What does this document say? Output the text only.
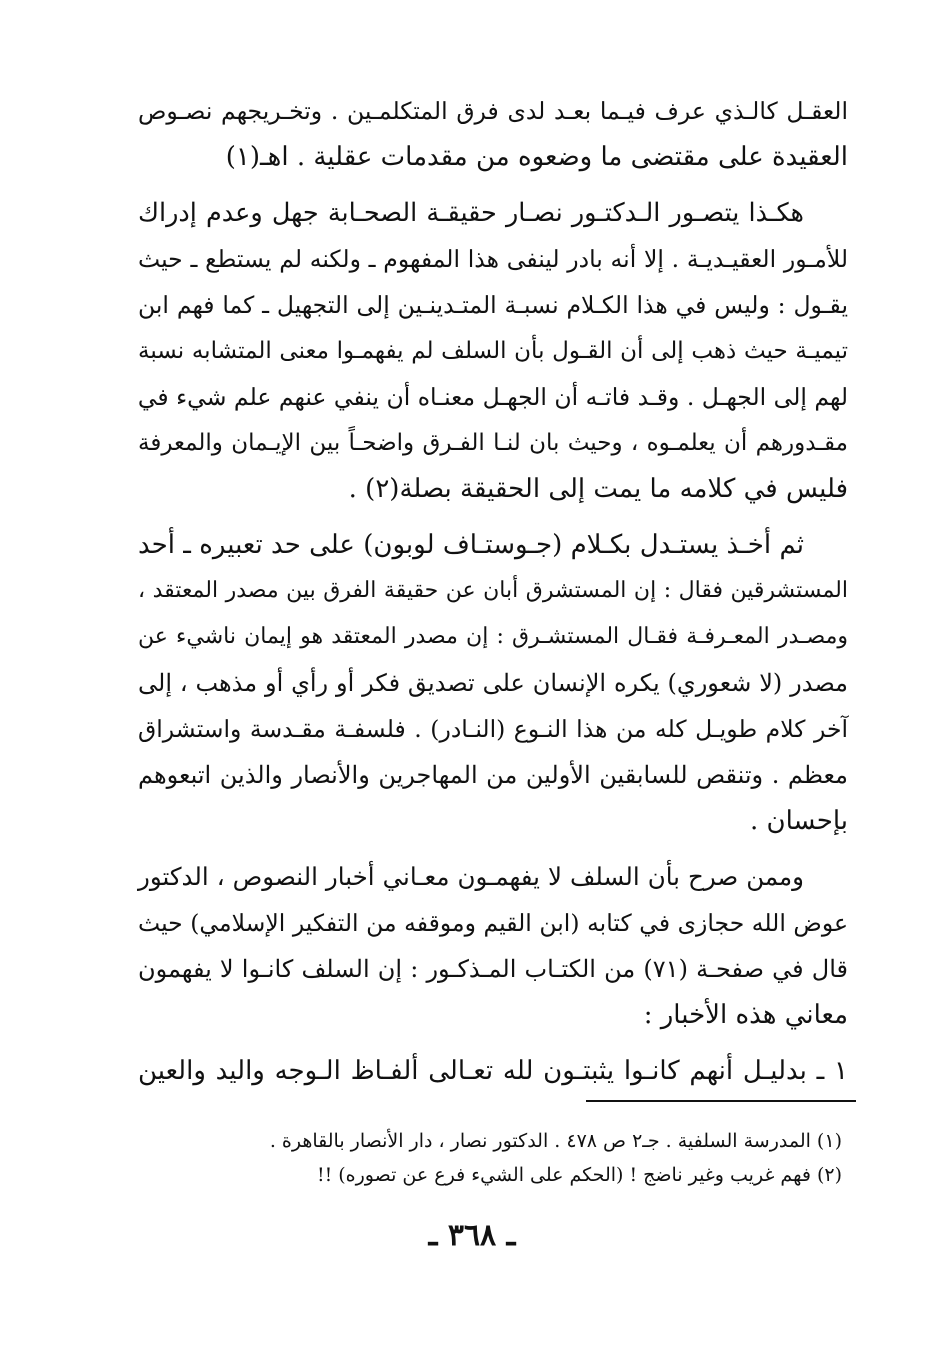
العقـل كالـذي عرف فيـما بعـد لدى فرق المتكلمـين . وتخـريجهم نصـوص
العقيدة على مقتضى ما وضعوه من مقدمات عقلية . اهـ(١)

هكـذا يتصـور الـدكتـور نصـار حقيقـة الصحـابة جهل وعدم إدراك
للأمـور العقيـديـة . إلا أنه بادر لينفى هذا المفهوم ـ ولكنه لم يستطع ـ حيث
يقـول : وليس في هذا الكـلام نسبـة المتـدينـين إلى التجهيل ـ كما فهم ابن
تيميـة حيث ذهب إلى أن القـول بأن السلف لم يفهمـوا معنى المتشابه نسبة
لهم إلى الجهـل . وقـد فاتـه أن الجهـل معنـاه أن ينفي عنهم علم شيء في
مقـدورهم أن يعلمـوه ، وحيث بان لنـا الفـرق واضحـاً بين الإيـمان والمعرفة
فليس في كلامه ما يمت إلى الحقيقة بصلة(٢) .

ثم أخـذ يستـدل بكـلام (جـوستـاف لوبون) على حد تعبيره ـ أحد
المستشرقين فقال : إن المستشرق أبان عن حقيقة الفرق بين مصدر المعتقد ،
ومصـدر المعـرفـة فقـال المستشـرق : إن مصدر المعتقد هو إيمان ناشيء عن
مصدر (لا شعوري) يكره الإنسان على تصديق فكر أو رأي أو مذهب ، إلى
آخر كلام طويـل كله من هذا النـوع (النـادر) . فلسفـة مقـدسة واستشراق
معظم . وتنقص للسابقين الأولين من المهاجرين والأنصار والذين اتبعوهم
بإحسان .

وممن صرح بأن السلف لا يفهمـون معـاني أخبار النصوص ، الدكتور
عوض الله حجازى في كتابه (ابن القيم وموقفه من التفكير الإسلامي) حيث
قال في صفحـة (٧١) من الكتـاب المـذكـور : إن السلف كانـوا لا يفهمون
معاني هذه الأخبار :

١ ـ بدليـل أنهم كانـوا يثبتـون لله تعـالى ألفـاظ الـوجه واليد والعين

(١) المدرسة السلفية . جـ٢ ص ٤٧٨ . الدكتور نصار ، دار الأنصار بالقاهرة .
(٢) فهم غريب وغير ناضج ! (الحكم على الشيء فرع عن تصوره) !!
ـ ٣٦٨ ـ
